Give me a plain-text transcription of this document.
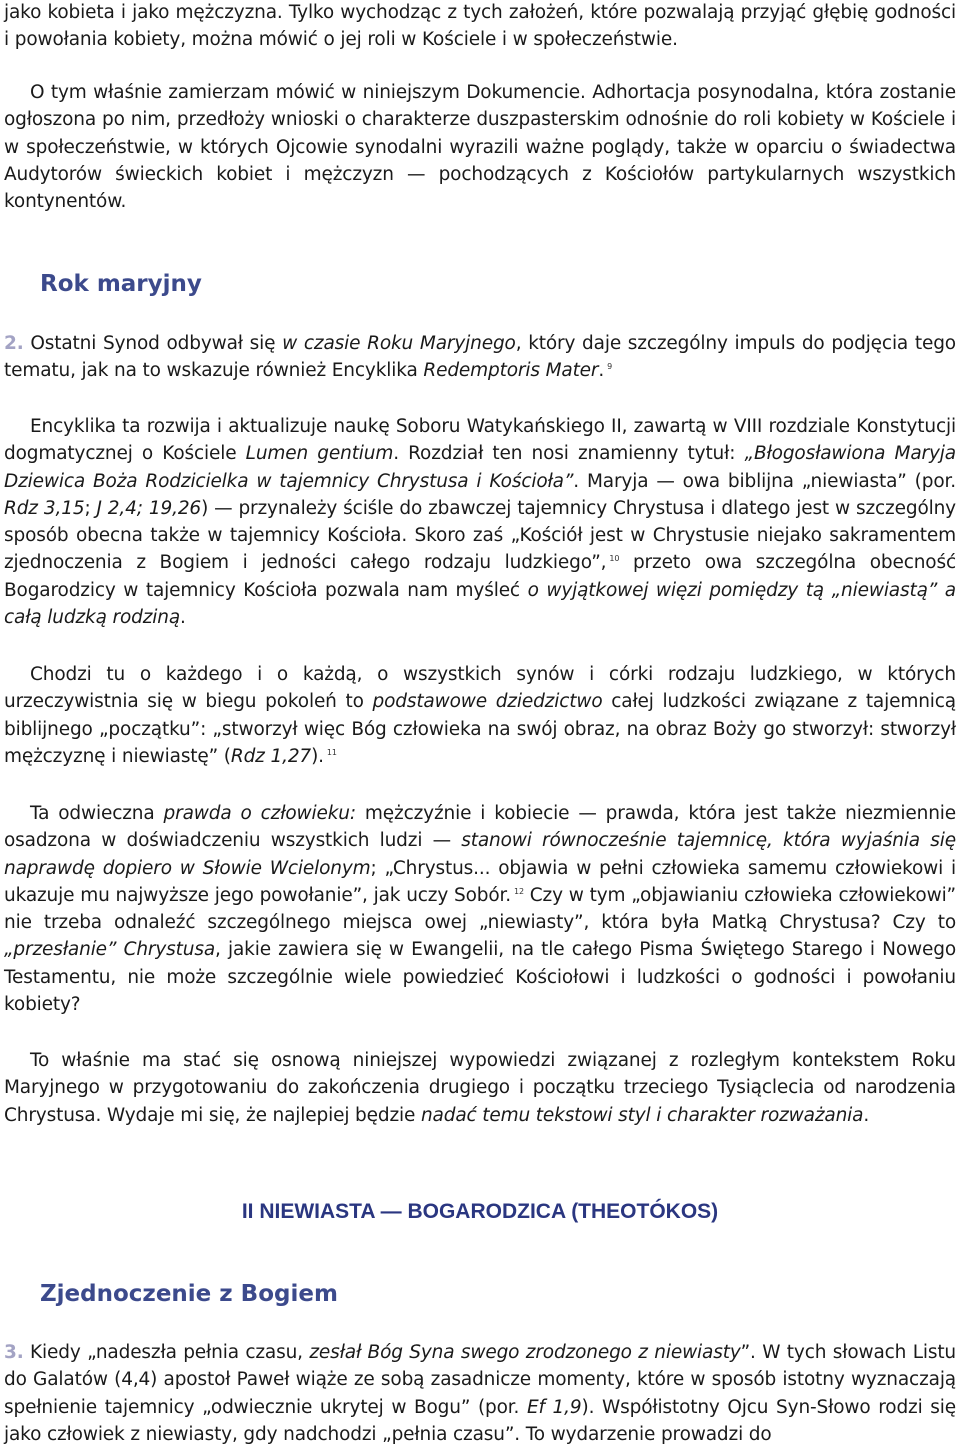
jako kobieta i jako mężczyzna. Tylko wychodząc z tych założeń, które pozwalają przyjąć głębię godności i powołania kobiety, można mówić o jej roli w Kościele i w społeczeństwie.

O tym właśnie zamierzam mówić w niniejszym Dokumencie. Adhortacja posynodalna, która zostanie ogłoszona po nim, przedłoży wnioski o charakterze duszpasterskim odnośnie do roli kobiety w Kościele i w społeczeństwie, w których Ojcowie synodalni wyrazili ważne poglądy, także w oparciu o świadectwa Audytorów świeckich kobiet i mężczyzn — pochodzących z Kościołów partykularnych wszystkich kontynentów.

Rok maryjny

2. Ostatni Synod odbywał się w czasie Roku Maryjnego, który daje szczególny impuls do podjęcia tego tematu, jak na to wskazuje również Encyklika Redemptoris Mater. $^9$

Encyklika ta rozwija i aktualizuje naukę Soboru Watykańskiego II, zawartą w VIII rozdziale Konstytucji dogmatycznej o Kościele Lumen gentium. Rozdział ten nosi znamienny tytuł: „Błogosławiona Maryja Dziewica Boża Rodzicielka w tajemnicy Chrystusa i Kościoła”. Maryja — owa biblijna „niewiasta” (por. Rdz 3,15; J 2,4; 19,26) — przynależy ściśle do zbawczej tajemnicy Chrystusa i dlatego jest w szczególny sposób obecna także w tajemnicy Kościoła. Skoro zaś „Kościół jest w Chrystusie niejako sakramentem zjednoczenia z Bogiem i jedności całego rodzaju ludzkiego”, $^{10}$ przeto owa szczególna obecność Bogarodzicy w tajemnicy Kościoła pozwala nam myśleć o wyjątkowej więzi pomiędzy tą „niewiastą” a całą ludzką rodziną.

Chodzi tu o każdego i o każdą, o wszystkich synów i córki rodzaju ludzkiego, w których urzeczywistnia się w biegu pokoleń to podstawowe dziedzictwo całej ludzkości związane z tajemnicą biblijnego „początku”: „stworzył więc Bóg człowieka na swój obraz, na obraz Boży go stworzył: stworzył mężczyznę i niewiastę” (Rdz 1,27). $^{11}$

Ta odwieczna prawda o człowieku: mężczyźnie i kobiecie — prawda, która jest także niezmiennie osadzona w doświadczeniu wszystkich ludzi — stanowi równocześnie tajemnicę, która wyjaśnia się naprawdę dopiero w Słowie Wcielonym; „Chrystus... objawia w pełni człowieka samemu człowiekowi i ukazuje mu najwyższe jego powołanie”, jak uczy Sobór. $^{12}$ Czy w tym „objawianiu człowieka człowiekowi” nie trzeba odnaleźć szczególnego miejsca owej „niewiasty”, która była Matką Chrystusa? Czy to „przesłanie” Chrystusa, jakie zawiera się w Ewangelii, na tle całego Pisma Świętego Starego i Nowego Testamentu, nie może szczególnie wiele powiedzieć Kościołowi i ludzkości o godności i powołaniu kobiety?

To właśnie ma stać się osnową niniejszej wypowiedzi związanej z rozległym kontekstem Roku Maryjnego w przygotowaniu do zakończenia drugiego i początku trzeciego Tysiąclecia od narodzenia Chrystusa. Wydaje mi się, że najlepiej będzie nadać temu tekstowi styl i charakter rozważania.

II NIEWIASTA — BOGARODZICA (THEOTÓKOS)
Zjednoczenie z Bogiem

3. Kiedy „nadeszła pełnia czasu, zesłał Bóg Syna swego zrodzonego z niewiasty”. W tych słowach Listu do Galatów (4,4) apostoł Paweł wiąże ze sobą zasadnicze momenty, które w sposób istotny wyznaczają spełnienie tajemnicy „odwiecznie ukrytej w Bogu” (por. Ef 1,9). Współistotny Ojcu Syn-Słowo rodzi się jako człowiek z niewiasty, gdy nadchodzi „pełnia czasu”. To wydarzenie prowadzi do
